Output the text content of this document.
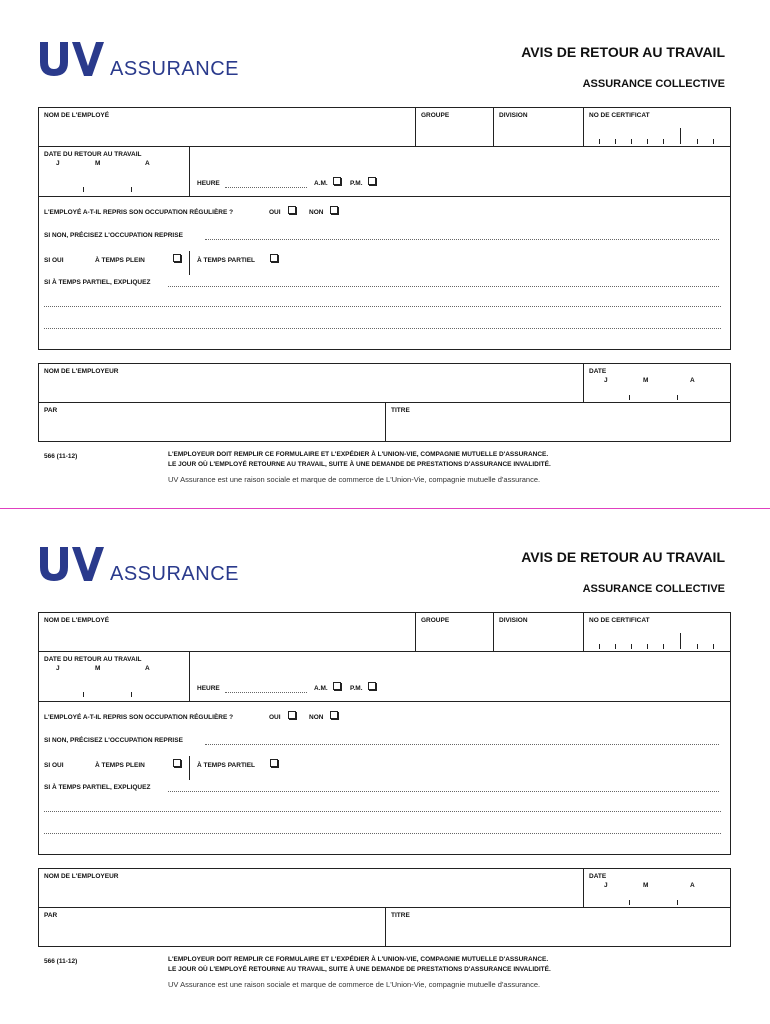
ASSURANCE
AVIS DE RETOUR AU TRAVAIL
ASSURANCE COLLECTIVE
NOM DE L'EMPLOYÉ	GROUPE	DIVISION	NO DE CERTIFICAT
DATE DU RETOUR AU TRAVAIL
J	M	A
HEURE	A.M.	P.M.
L'EMPLOYÉ A-T-IL REPRIS SON OCCUPATION RÉGULIÈRE ?	OUI	NON
SI NON, PRÉCISEZ L'OCCUPATION REPRISE
SI OUI	À TEMPS PLEIN	À TEMPS PARTIEL
SI À TEMPS PARTIEL, EXPLIQUEZ
NOM DE L'EMPLOYEUR	DATE
J	M	A
PAR	TITRE
566 (11-12)	L'EMPLOYEUR DOIT REMPLIR CE FORMULAIRE ET L'EXPÉDIER À L'UNION-VIE, COMPAGNIE MUTUELLE D'ASSURANCE.
LE JOUR OÙ L'EMPLOYÉ RETOURNE AU TRAVAIL, SUITE À UNE DEMANDE DE PRESTATIONS D'ASSURANCE INVALIDITÉ.
UV Assurance est une raison sociale et marque de commerce de L'Union-Vie, compagnie mutuelle d'assurance.
ASSURANCE
AVIS DE RETOUR AU TRAVAIL
ASSURANCE COLLECTIVE
NOM DE L'EMPLOYÉ	GROUPE	DIVISION	NO DE CERTIFICAT
DATE DU RETOUR AU TRAVAIL
J	M	A
HEURE	A.M.	P.M.
L'EMPLOYÉ A-T-IL REPRIS SON OCCUPATION RÉGULIÈRE ?	OUI	NON
SI NON, PRÉCISEZ L'OCCUPATION REPRISE
SI OUI	À TEMPS PLEIN	À TEMPS PARTIEL
SI À TEMPS PARTIEL, EXPLIQUEZ
NOM DE L'EMPLOYEUR	DATE
J	M	A
PAR	TITRE
566 (11-12)	L'EMPLOYEUR DOIT REMPLIR CE FORMULAIRE ET L'EXPÉDIER À L'UNION-VIE, COMPAGNIE MUTUELLE D'ASSURANCE.
LE JOUR OÙ L'EMPLOYÉ RETOURNE AU TRAVAIL, SUITE À UNE DEMANDE DE PRESTATIONS D'ASSURANCE INVALIDITÉ.
UV Assurance est une raison sociale et marque de commerce de L'Union-Vie, compagnie mutuelle d'assurance.
